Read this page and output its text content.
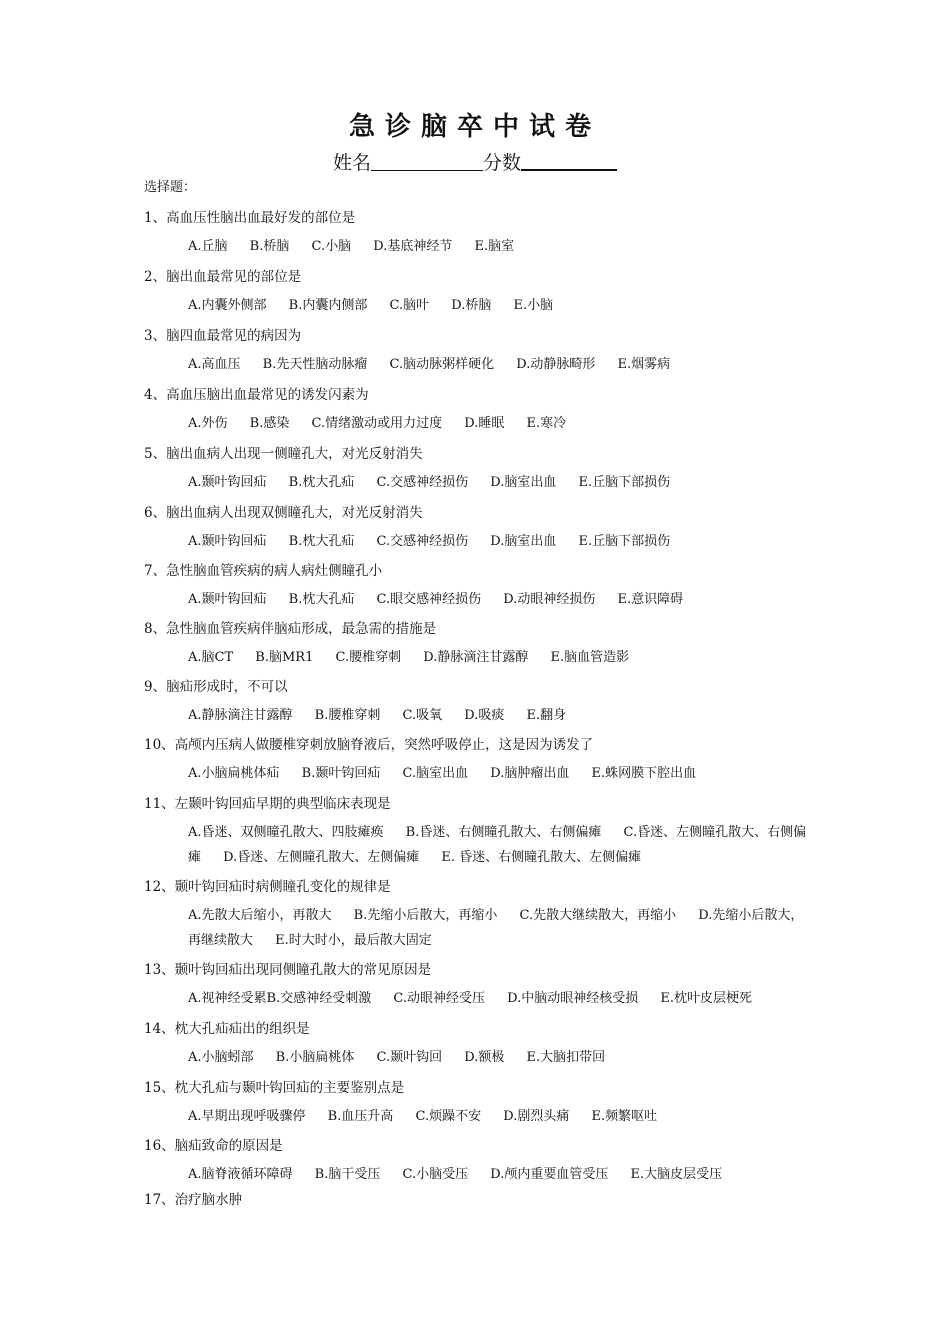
急诊脑卒中试卷
姓名	分数
选择题：
1、高血压性脑出血最好发的部位是
A.丘脑 B.桥脑 C.小脑 D.基底神经节 E.脑室
2、脑出血最常见的部位是
A.内囊外侧部 B.内囊内侧部 C.脑叶 D.桥脑 E.小脑
3、脑四血最常见的病因为
A.高血压 B.先天性脑动脉瘤 C.脑动脉粥样硬化 D.动静脉畸形 E.烟雾病
4、高血压脑出血最常见的诱发闪素为
A.外伤 B.感染 C.情绪激动或用力过度 D.睡眠 E.寒冷
5、脑出血病人出现一侧瞳孔大，对光反射消失
A.颞叶钩回疝 B.枕大孔疝 C.交感神经损伤 D.脑室出血 E.丘脑下部损伤
6、脑出血病人出现双侧瞳孔大，对光反射消失
A.颞叶钩回疝 B.枕大孔疝 C.交感神经损伤 D.脑室出血 E.丘脑下部损伤
7、急性脑血管疾病的病人病灶侧瞳孔小
A.颞叶钩回疝 B.枕大孔疝 C.眼交感神经损伤 D.动眼神经损伤 E.意识障碍
8、急性脑血管疾病伴脑疝形成，最急需的措施是
A.脑CT B.脑MR1 C.腰椎穿刺 D.静脉滴注甘露醇 E.脑血管造影
9、脑疝形成时，不可以
A.静脉滴注甘露醇 B.腰椎穿刺 C.吸氧 D.吸痰 E.翻身
10、高颅内压病人做腰椎穿刺放脑脊液后，突然呼吸停止，这是因为诱发了
A.小脑扁桃体疝 B.颞叶钩回疝 C.脑室出血 D.脑肿瘤出血 E.蛛网膜下腔出血
11、左颞叶钩回疝早期的典型临床表现是
A.昏迷、双侧瞳孔散大、四肢瘫痪 B.昏迷、右侧瞳孔散大、右侧偏瘫 C.昏迷、左侧瞳孔散大、右侧偏瘫 D.昏迷、左侧瞳孔散大、左侧偏瘫 E. 昏迷、右侧瞳孔散大、左侧偏瘫
12、颞叶钩回疝时病侧瞳孔变化的规律是
A.先散大后缩小，再散大 B.先缩小后散大，再缩小 C.先散大继续散大，再缩小 D.先缩小后散大，再继续散大 E.时大时小，最后散大固定
13、颞叶钩回疝出现同侧瞳孔散大的常见原因是
A.视神经受累B.交感神经受刺激 C.动眼神经受压 D.中脑动眼神经核受损 E.枕叶皮层梗死
14、枕大孔疝疝出的组织是
A.小脑蚓部 B.小脑扁桃体 C.颞叶钩回 D.额极 E.大脑扣带回
15、枕大孔疝与颞叶钩回疝的主要鉴别点是
A.早期出现呼吸骤停 B.血压升高 C.烦躁不安 D.剧烈头痛 E.频繁呕吐
16、脑疝致命的原因是
A.脑脊液循环障碍 B.脑干受压 C.小脑受压 D.颅内重要血管受压 E.大脑皮层受压
17、治疗脑水肿
